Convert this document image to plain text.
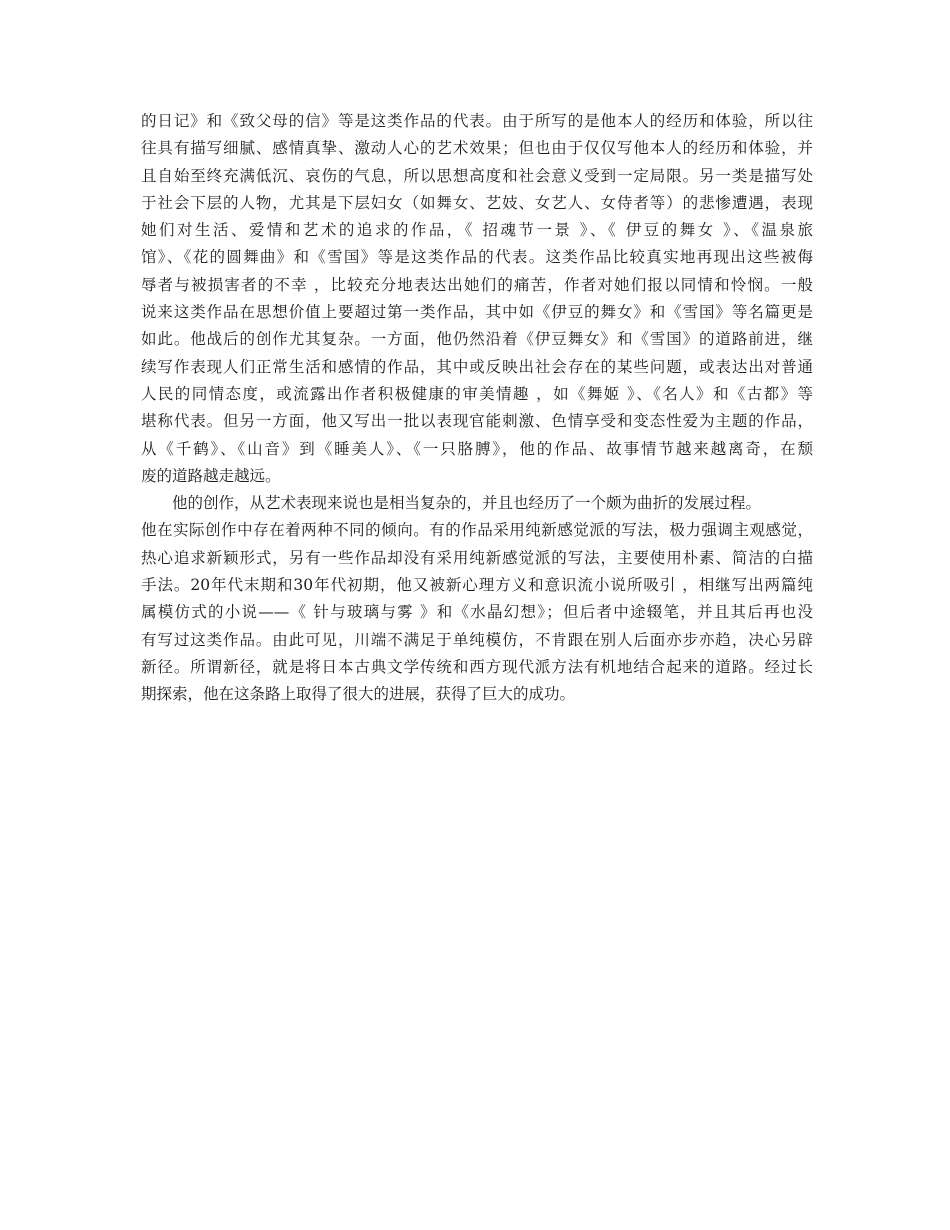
的日记》和《致父母的信》等是这类作品的代表。由于所写的是他本人的经历和体验，所以往
往具有描写细腻、感情真挚、激动人心的艺术效果；但也由于仅仅写他本人的经历和体验，并
且自始至终充满低沉、哀伤的气息，所以思想高度和社会意义受到一定局限。另一类是描写处
于社会下层的人物，尤其是下层妇女（如舞女、艺妓、女艺人、女侍者等）的悲惨遭遇，表现
她们对生活、爱情和艺术的追求的作品，《 招魂节一景 》、《 伊豆的舞女 》、《温泉旅
馆》、《花的圆舞曲》和《雪国》等是这类作品的代表。这类作品比较真实地再现出这些被侮
辱者与被损害者的不幸 ，比较充分地表达出她们的痛苦，作者对她们报以同情和怜悯。一般
说来这类作品在思想价值上要超过第一类作品，其中如《伊豆的舞女》和《雪国》等名篇更是
如此。他战后的创作尤其复杂。一方面，他仍然沿着《伊豆舞女》和《雪国》的道路前进，继
续写作表现人们正常生活和感情的作品，其中或反映出社会存在的某些问题，或表达出对普通
人民的同情态度，或流露出作者积极健康的审美情趣 ，如《舞姬 》、《名人》和《古都》等
堪称代表。但另一方面，他又写出一批以表现官能刺激、色情享受和变态性爱为主题的作品，
从《千鹤》、《山音》到《睡美人》、《一只胳膊》，他的作品、故事情节越来越离奇，在颓
废的道路越走越远。
他的创作，从艺术表现来说也是相当复杂的，并且也经历了一个颇为曲折的发展过程。
他在实际创作中存在着两种不同的倾向。有的作品采用纯新感觉派的写法，极力强调主观感觉，
热心追求新颖形式，另有一些作品却没有采用纯新感觉派的写法，主要使用朴素、简洁的白描
手法。20年代末期和30年代初期，他又被新心理方义和意识流小说所吸引 ，相继写出两篇纯
属模仿式的小说——《 针与玻璃与雾 》和《水晶幻想》；但后者中途辍笔，并且其后再也没
有写过这类作品。由此可见，川端不满足于单纯模仿，不肯跟在别人后面亦步亦趋，决心另辟
新径。所谓新径，就是将日本古典文学传统和西方现代派方法有机地结合起来的道路。经过长
期探索，他在这条路上取得了很大的进展，获得了巨大的成功。
